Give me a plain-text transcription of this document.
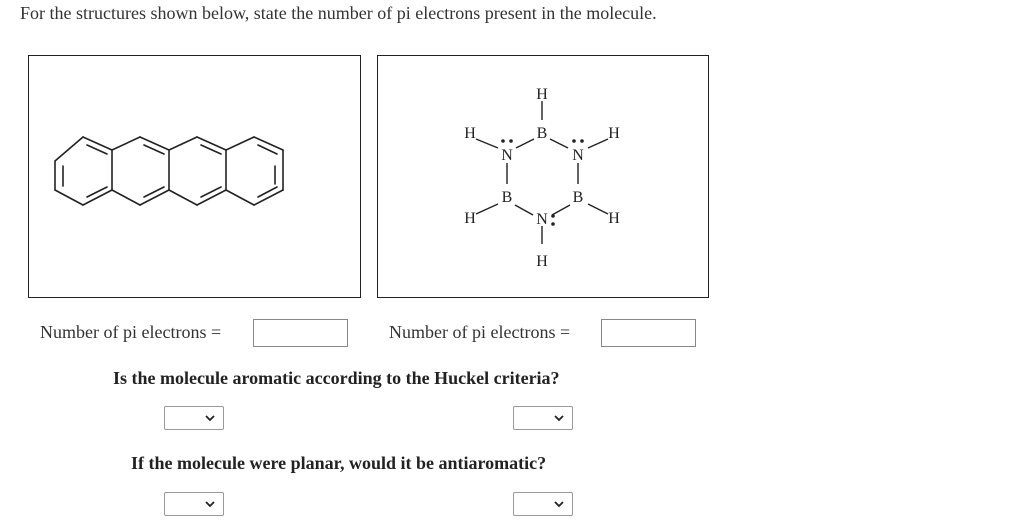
For the structures shown below, state the number of pi electrons present in the molecule.
H
B
H
N	N
H
B	B
H	H
N
H
Number of pi electrons =	Number of pi electrons =
Is the molecule aromatic according to the Huckel criteria?
If the molecule were planar, would it be antiaromatic?
